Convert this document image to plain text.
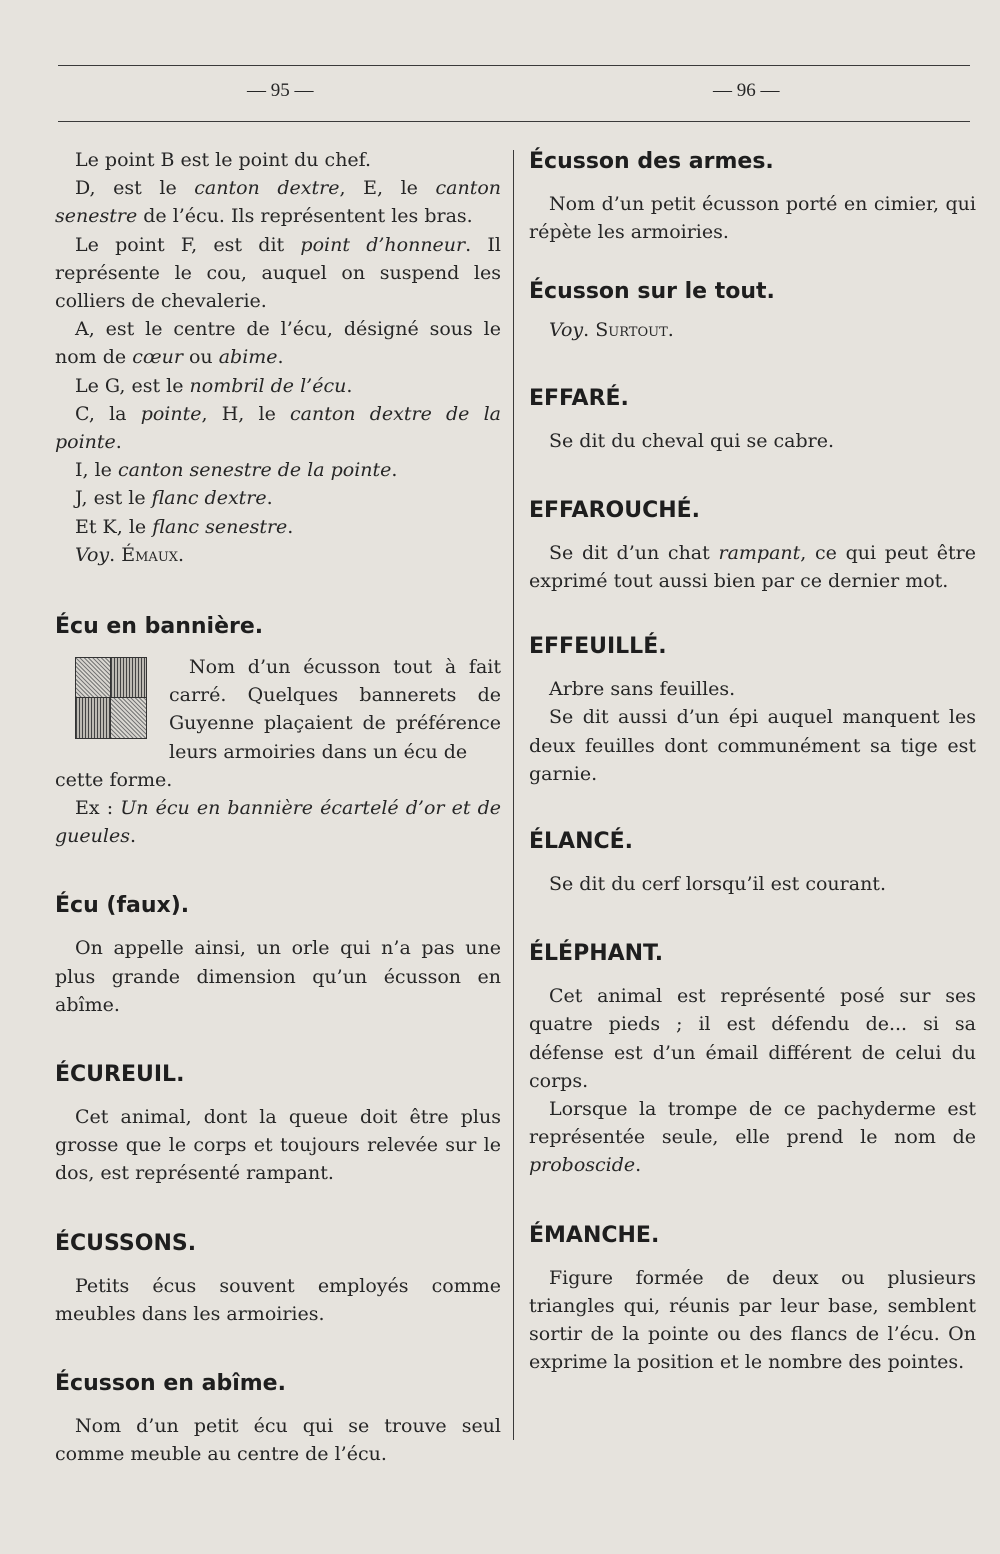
— 95 —	— 96 —

Le point B est le point du chef.

D, est le canton dextre, E, le canton senestre de l’écu. Ils représentent les bras.

Le point F, est dit point d’honneur. Il représente le cou, auquel on suspend les colliers de chevalerie.

A, est le centre de l’écu, désigné sous le nom de cœur ou abime.

Le G, est le nombril de l’écu.

C, la pointe, H, le canton dextre de la pointe.

I, le canton senestre de la pointe.

J, est le flanc dextre.

Et K, le flanc senestre.

Voy. Émaux.

Écu en bannière.

Nom d’un écusson tout à fait carré. Quelques bannerets de Guyenne plaçaient de préférence leurs armoiries dans un écu de

cette forme.

Ex : Un écu en bannière écartelé d’or et de gueules.

Écu (faux).

On appelle ainsi, un orle qui n’a pas une plus grande dimension qu’un écusson en abîme.

ÉCUREUIL.

Cet animal, dont la queue doit être plus grosse que le corps et toujours relevée sur le dos, est représenté rampant.

ÉCUSSONS.

Petits écus souvent employés comme meubles dans les armoiries.

Écusson en abîme.

Nom d’un petit écu qui se trouve seul comme meuble au centre de l’écu.

Écusson des armes.

Nom d’un petit écusson porté en cimier, qui répète les armoiries.

Écusson sur le tout.

Voy. Surtout.

EFFARÉ.

Se dit du cheval qui se cabre.

EFFAROUCHÉ.

Se dit d’un chat rampant, ce qui peut être exprimé tout aussi bien par ce dernier mot.

EFFEUILLÉ.

Arbre sans feuilles.

Se dit aussi d’un épi auquel manquent les deux feuilles dont communément sa tige est garnie.

ÉLANCÉ.

Se dit du cerf lorsqu’il est courant.

ÉLÉPHANT.

Cet animal est représenté posé sur ses quatre pieds ; il est défendu de... si sa défense est d’un émail différent de celui du corps.

Lorsque la trompe de ce pachyderme est représentée seule, elle prend le nom de proboscide.

ÉMANCHE.

Figure formée de deux ou plusieurs triangles qui, réunis par leur base, semblent sortir de la pointe ou des flancs de l’écu. On exprime la position et le nombre des pointes.
